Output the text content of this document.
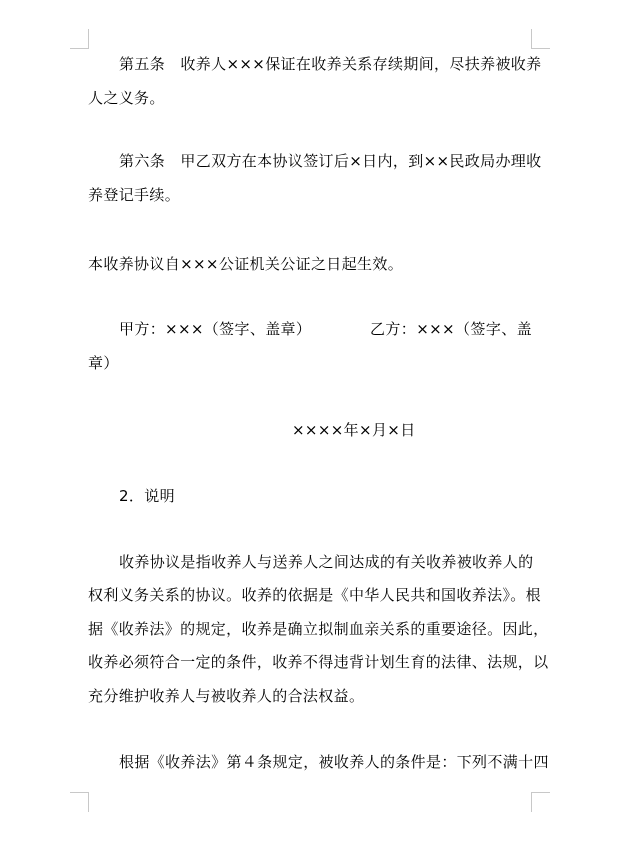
第五条　收养人×××保证在收养关系存续期间，尽扶养被收养
人之义务。
第六条　甲乙双方在本协议签订后×日内，到××民政局办理收
养登记手续。
本收养协议自×××公证机关公证之日起生效。
甲方：×××（签字、盖章）	乙方：×××（签字、盖
章）
××××年×月×日
2．说明
收养协议是指收养人与送养人之间达成的有关收养被收养人的
权利义务关系的协议。收养的依据是《中华人民共和国收养法》。根
据《收养法》的规定，收养是确立拟制血亲关系的重要途径。因此，
收养必须符合一定的条件，收养不得违背计划生育的法律、法规，以
充分维护收养人与被收养人的合法权益。
根据《收养法》第４条规定，被收养人的条件是：下列不满十四
